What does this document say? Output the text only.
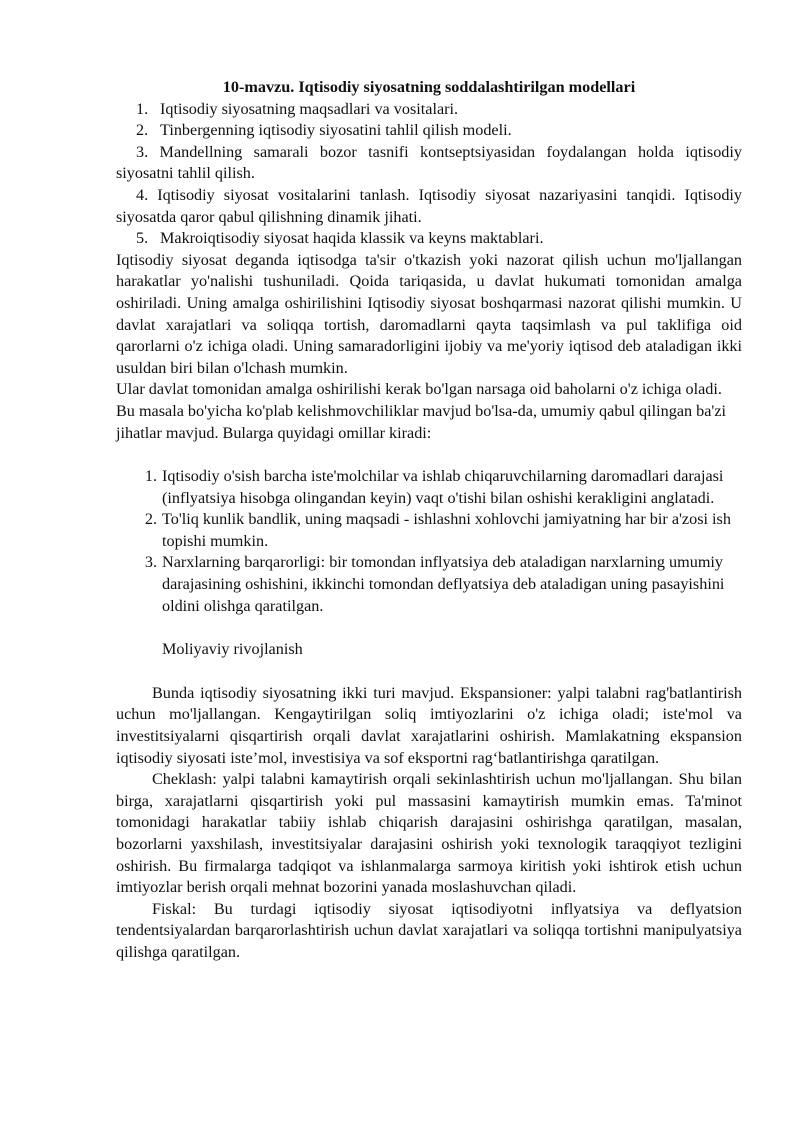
10-mavzu. Iqtisodiy siyosatning soddalashtirilgan modellari
1. Iqtisodiy siyosatning maqsadlari va vositalari.
2. Tinbergenning iqtisodiy siyosatini tahlil qilish modeli.

3. Mandellning samarali bozor tasnifi kontseptsiyasidan foydalangan holda iqtisodiy siyosatni tahlil qilish.

4. Iqtisodiy siyosat vositalarini tanlash. Iqtisodiy siyosat nazariyasini tanqidi. Iqtisodiy siyosatda qaror qabul qilishning dinamik jihati.

5. Makroiqtisodiy siyosat haqida klassik va keyns maktablari.

Iqtisodiy siyosat deganda iqtisodga ta'sir o'tkazish yoki nazorat qilish uchun mo'ljallangan harakatlar yo'nalishi tushuniladi. Qoida tariqasida, u davlat hukumati tomonidan amalga oshiriladi. Uning amalga oshirilishini Iqtisodiy siyosat boshqarmasi nazorat qilishi mumkin. U davlat xarajatlari va soliqqa tortish, daromadlarni qayta taqsimlash va pul taklifiga oid qarorlarni o'z ichiga oladi. Uning samaradorligini ijobiy va me'yoriy iqtisod deb ataladigan ikki usuldan biri bilan o'lchash mumkin.

Ular davlat tomonidan amalga oshirilishi kerak bo'lgan narsaga oid baholarni o'z ichiga oladi. Bu masala bo'yicha ko'plab kelishmovchiliklar mavjud bo'lsa-da, umumiy qabul qilingan ba'zi jihatlar mavjud. Bularga quyidagi omillar kiradi:

1. Iqtisodiy o'sish barcha iste'molchilar va ishlab chiqaruvchilarning daromadlari darajasi (inflyatsiya hisobga olingandan keyin) vaqt o'tishi bilan oshishi kerakligini anglatadi.
2. To'liq kunlik bandlik, uning maqsadi - ishlashni xohlovchi jamiyatning har bir a'zosi ish topishi mumkin.
3. Narxlarning barqarorligi: bir tomondan inflyatsiya deb ataladigan narxlarning umumiy darajasining oshishini, ikkinchi tomondan deflyatsiya deb ataladigan uning pasayishini oldini olishga qaratilgan.

Moliyaviy rivojlanish

Bunda iqtisodiy siyosatning ikki turi mavjud. Ekspansioner: yalpi talabni rag'batlantirish uchun mo'ljallangan. Kengaytirilgan soliq imtiyozlarini o'z ichiga oladi; iste'mol va investitsiyalarni qisqartirish orqali davlat xarajatlarini oshirish. Mamlakatning ekspansion iqtisodiy siyosati iste’mol, investisiya va sof eksportni rag‘batlantirishga qaratilgan.

Cheklash: yalpi talabni kamaytirish orqali sekinlashtirish uchun mo'ljallangan. Shu bilan birga, xarajatlarni qisqartirish yoki pul massasini kamaytirish mumkin emas. Ta'minot tomonidagi harakatlar tabiiy ishlab chiqarish darajasini oshirishga qaratilgan, masalan, bozorlarni yaxshilash, investitsiyalar darajasini oshirish yoki texnologik taraqqiyot tezligini oshirish. Bu firmalarga tadqiqot va ishlanmalarga sarmoya kiritish yoki ishtirok etish uchun imtiyozlar berish orqali mehnat bozorini yanada moslashuvchan qiladi.

Fiskal: Bu turdagi iqtisodiy siyosat iqtisodiyotni inflyatsiya va deflyatsion tendentsiyalardan barqarorlashtirish uchun davlat xarajatlari va soliqqa tortishni manipulyatsiya qilishga qaratilgan.
